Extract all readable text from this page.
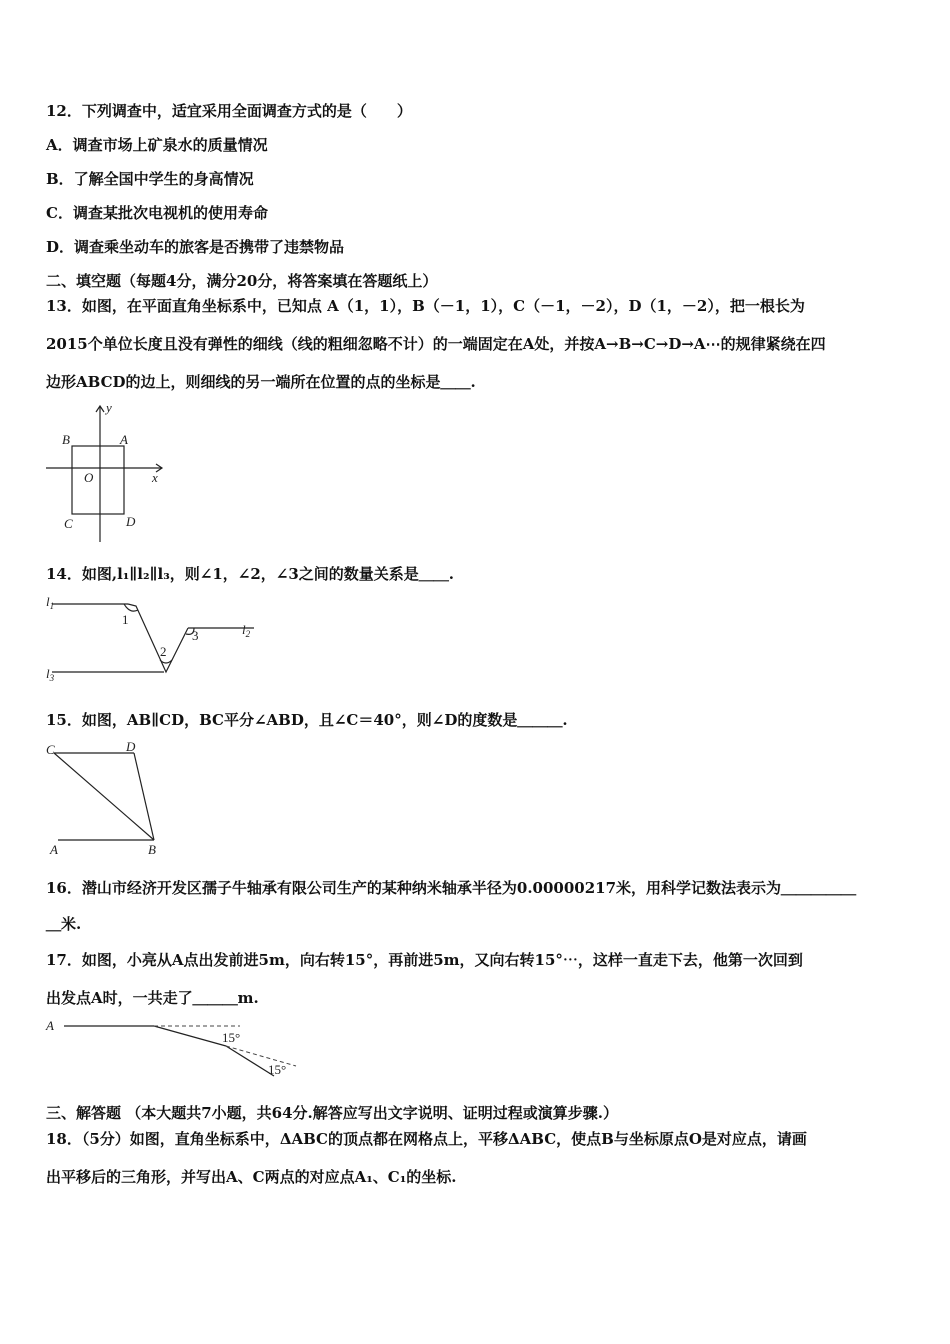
12．下列调查中，适宜采用全面调查方式的是（　　）
A．调查市场上矿泉水的质量情况
B．了解全国中学生的身高情况
C．调查某批次电视机的使用寿命
D．调查乘坐动车的旅客是否携带了违禁物品
二、填空题（每题4分，满分20分，将答案填在答题纸上）
13．如图，在平面直角坐标系中，已知点 A（1，1），B（－1，1），C（－1，－2），D（1，－2），把一根长为
2015个单位长度且没有弹性的细线（线的粗细忽略不计）的一端固定在A处，并按A→B→C→D→A⋯的规律紧绕在四
边形ABCD的边上，则细线的另一端所在位置的点的坐标是＿＿.
y
x
O
A
B
C	D
14．如图,l₁∥l₂∥l₃，则∠1，∠2，∠3之间的数量关系是＿＿.
$l_1$
$l_3$
$l_2$
1
2
3
15．如图，AB∥CD，BC平分∠ABD，且∠C＝40°，则∠D的度数是＿＿＿.
C	D
A	B
16．潜山市经济开发区孺子牛轴承有限公司生产的某种纳米轴承半径为0.00000217米，用科学记数法表示为＿＿＿＿＿
＿米.
17．如图，小亮从A点出发前进5m，向右转15°，再前进5m，又向右转15°⋯，这样一直走下去，他第一次回到
出发点A时，一共走了＿＿＿m.
A
15°
15°
三、解答题 （本大题共7小题，共64分.解答应写出文字说明、证明过程或演算步骤.）
18．（5分）如图，直角坐标系中，ΔABC的顶点都在网格点上，平移ΔABC，使点B与坐标原点O是对应点，请画
出平移后的三角形，并写出A、C两点的对应点A₁、C₁的坐标.
